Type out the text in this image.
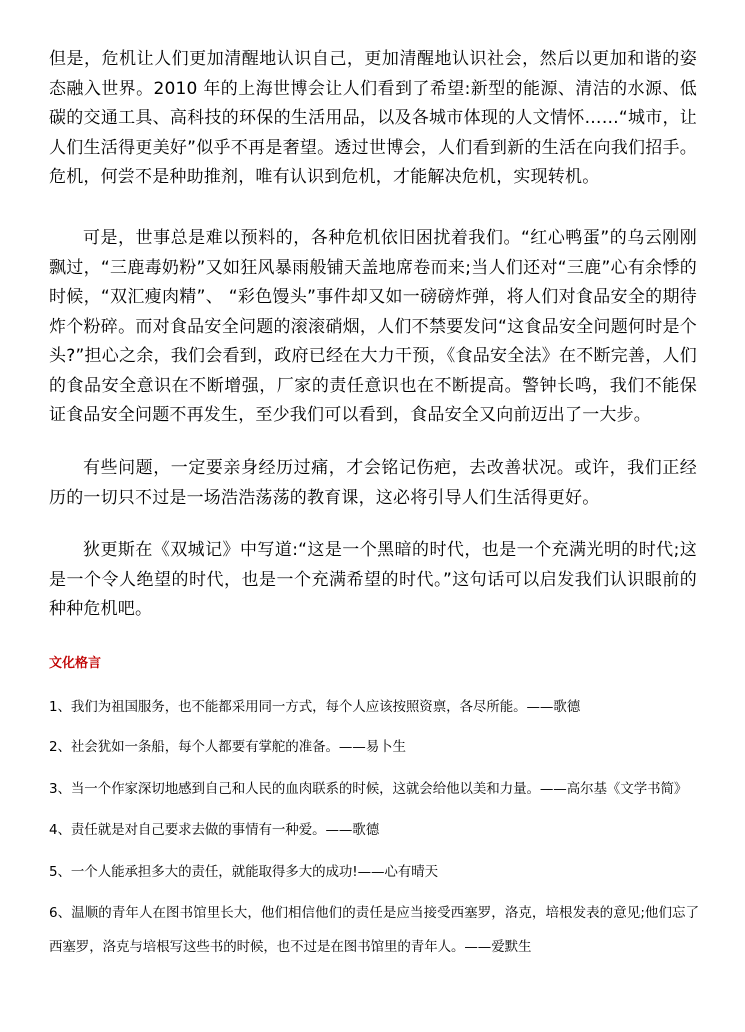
但是，危机让人们更加清醒地认识自己，更加清醒地认识社会，然后以更加和谐的姿态融入世界。2010 年的上海世博会让人们看到了希望:新型的能源、清洁的水源、低碳的交通工具、高科技的环保的生活用品，以及各城市体现的人文情怀……“城市，让人们生活得更美好”似乎不再是奢望。透过世博会，人们看到新的生活在向我们招手。危机，何尝不是种助推剂，唯有认识到危机，才能解决危机，实现转机。

可是，世事总是难以预料的，各种危机依旧困扰着我们。“红心鸭蛋”的乌云刚刚飘过，“三鹿毒奶粉”又如狂风暴雨般铺天盖地席卷而来;当人们还对“三鹿”心有余悸的时候，“双汇瘦肉精”、 “彩色馒头”事件却又如一磅磅炸弹，将人们对食品安全的期待炸个粉碎。而对食品安全问题的滚滚硝烟，人们不禁要发问“这食品安全问题何时是个头?”担心之余，我们会看到，政府已经在大力干预，《食品安全法》在不断完善，人们的食品安全意识在不断增强，厂家的责任意识也在不断提高。警钟长鸣，我们不能保证食品安全问题不再发生，至少我们可以看到，食品安全又向前迈出了一大步。

有些问题，一定要亲身经历过痛，才会铭记伤疤，去改善状况。或许，我们正经历的一切只不过是一场浩浩荡荡的教育课，这必将引导人们生活得更好。

狄更斯在《双城记》中写道:“这是一个黑暗的时代，也是一个充满光明的时代;这是一个令人绝望的时代，也是一个充满希望的时代。”这句话可以启发我们认识眼前的种种危机吧。

文化格言

1、我们为祖国服务，也不能都采用同一方式，每个人应该按照资禀，各尽所能。——歌德

2、社会犹如一条船，每个人都要有掌舵的准备。——易卜生

3、当一个作家深切地感到自己和人民的血肉联系的时候，这就会给他以美和力量。——高尔基《文学书简》

4、责任就是对自己要求去做的事情有一种爱。——歌德

5、一个人能承担多大的责任，就能取得多大的成功!——心有晴天

6、温顺的青年人在图书馆里长大，他们相信他们的责任是应当接受西塞罗，洛克，培根发表的意见;他们忘了西塞罗，洛克与培根写这些书的时候，也不过是在图书馆里的青年人。——爱默生
